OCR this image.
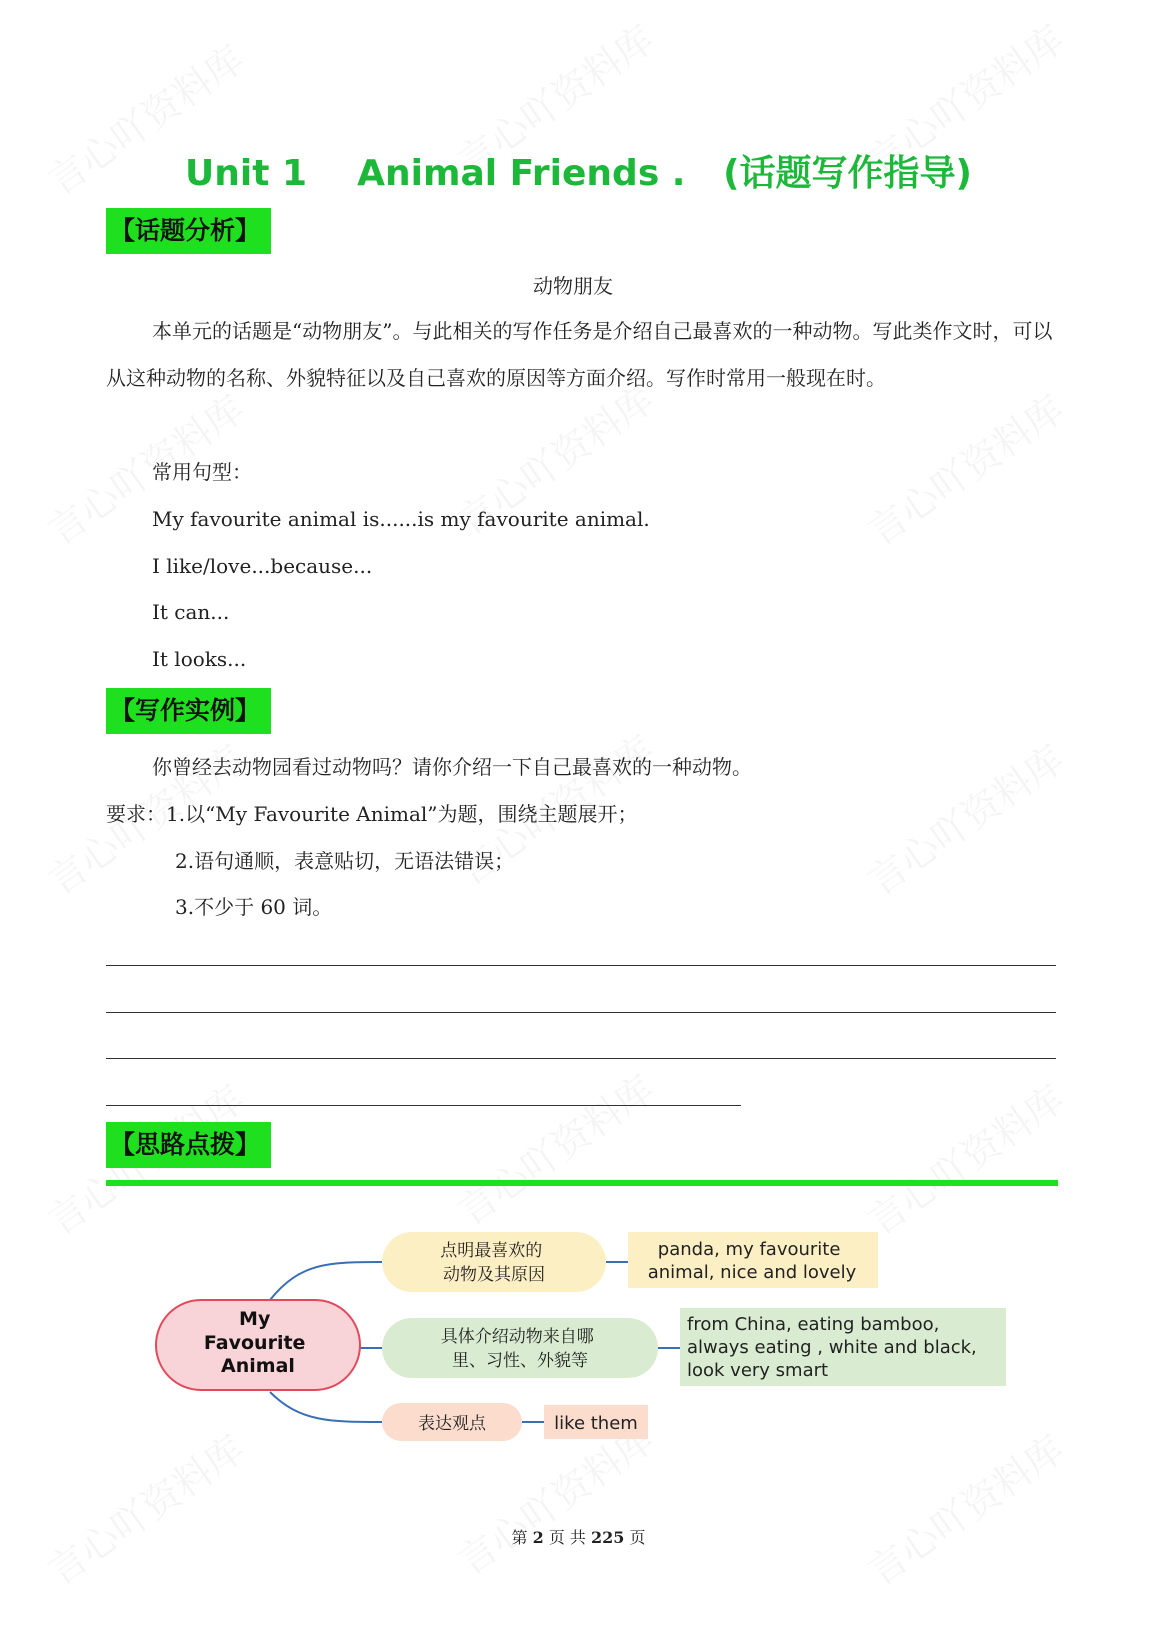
Unit 1    Animal Friends .   (话题写作指导)
【话题分析】
动物朋友

本单元的话题是“动物朋友”。与此相关的写作任务是介绍自己最喜欢的一种动物。写此类作文时，可以从这种动物的名称、外貌特征以及自己喜欢的原因等方面介绍。写作时常用一般现在时。

常用句型：
My favourite animal is......is my favourite animal.
I like/love...because...
It can...
It looks...
【写作实例】
你曾经去动物园看过动物吗？请你介绍一下自己最喜欢的一种动物。
要求：1.以“My Favourite Animal”为题，围绕主题展开；
2.语句通顺，表意贴切，无语法错误；
3.不少于 60 词。
【思路点拨】
My Favourite Animal
点明最喜欢的 动物及其原因
panda, my favourite animal, nice and lovely
具体介绍动物来自哪 里、习性、外貌等
from China, eating bamboo, always eating , white and black, look very smart
表达观点	like them
第 2 页 共 225 页
